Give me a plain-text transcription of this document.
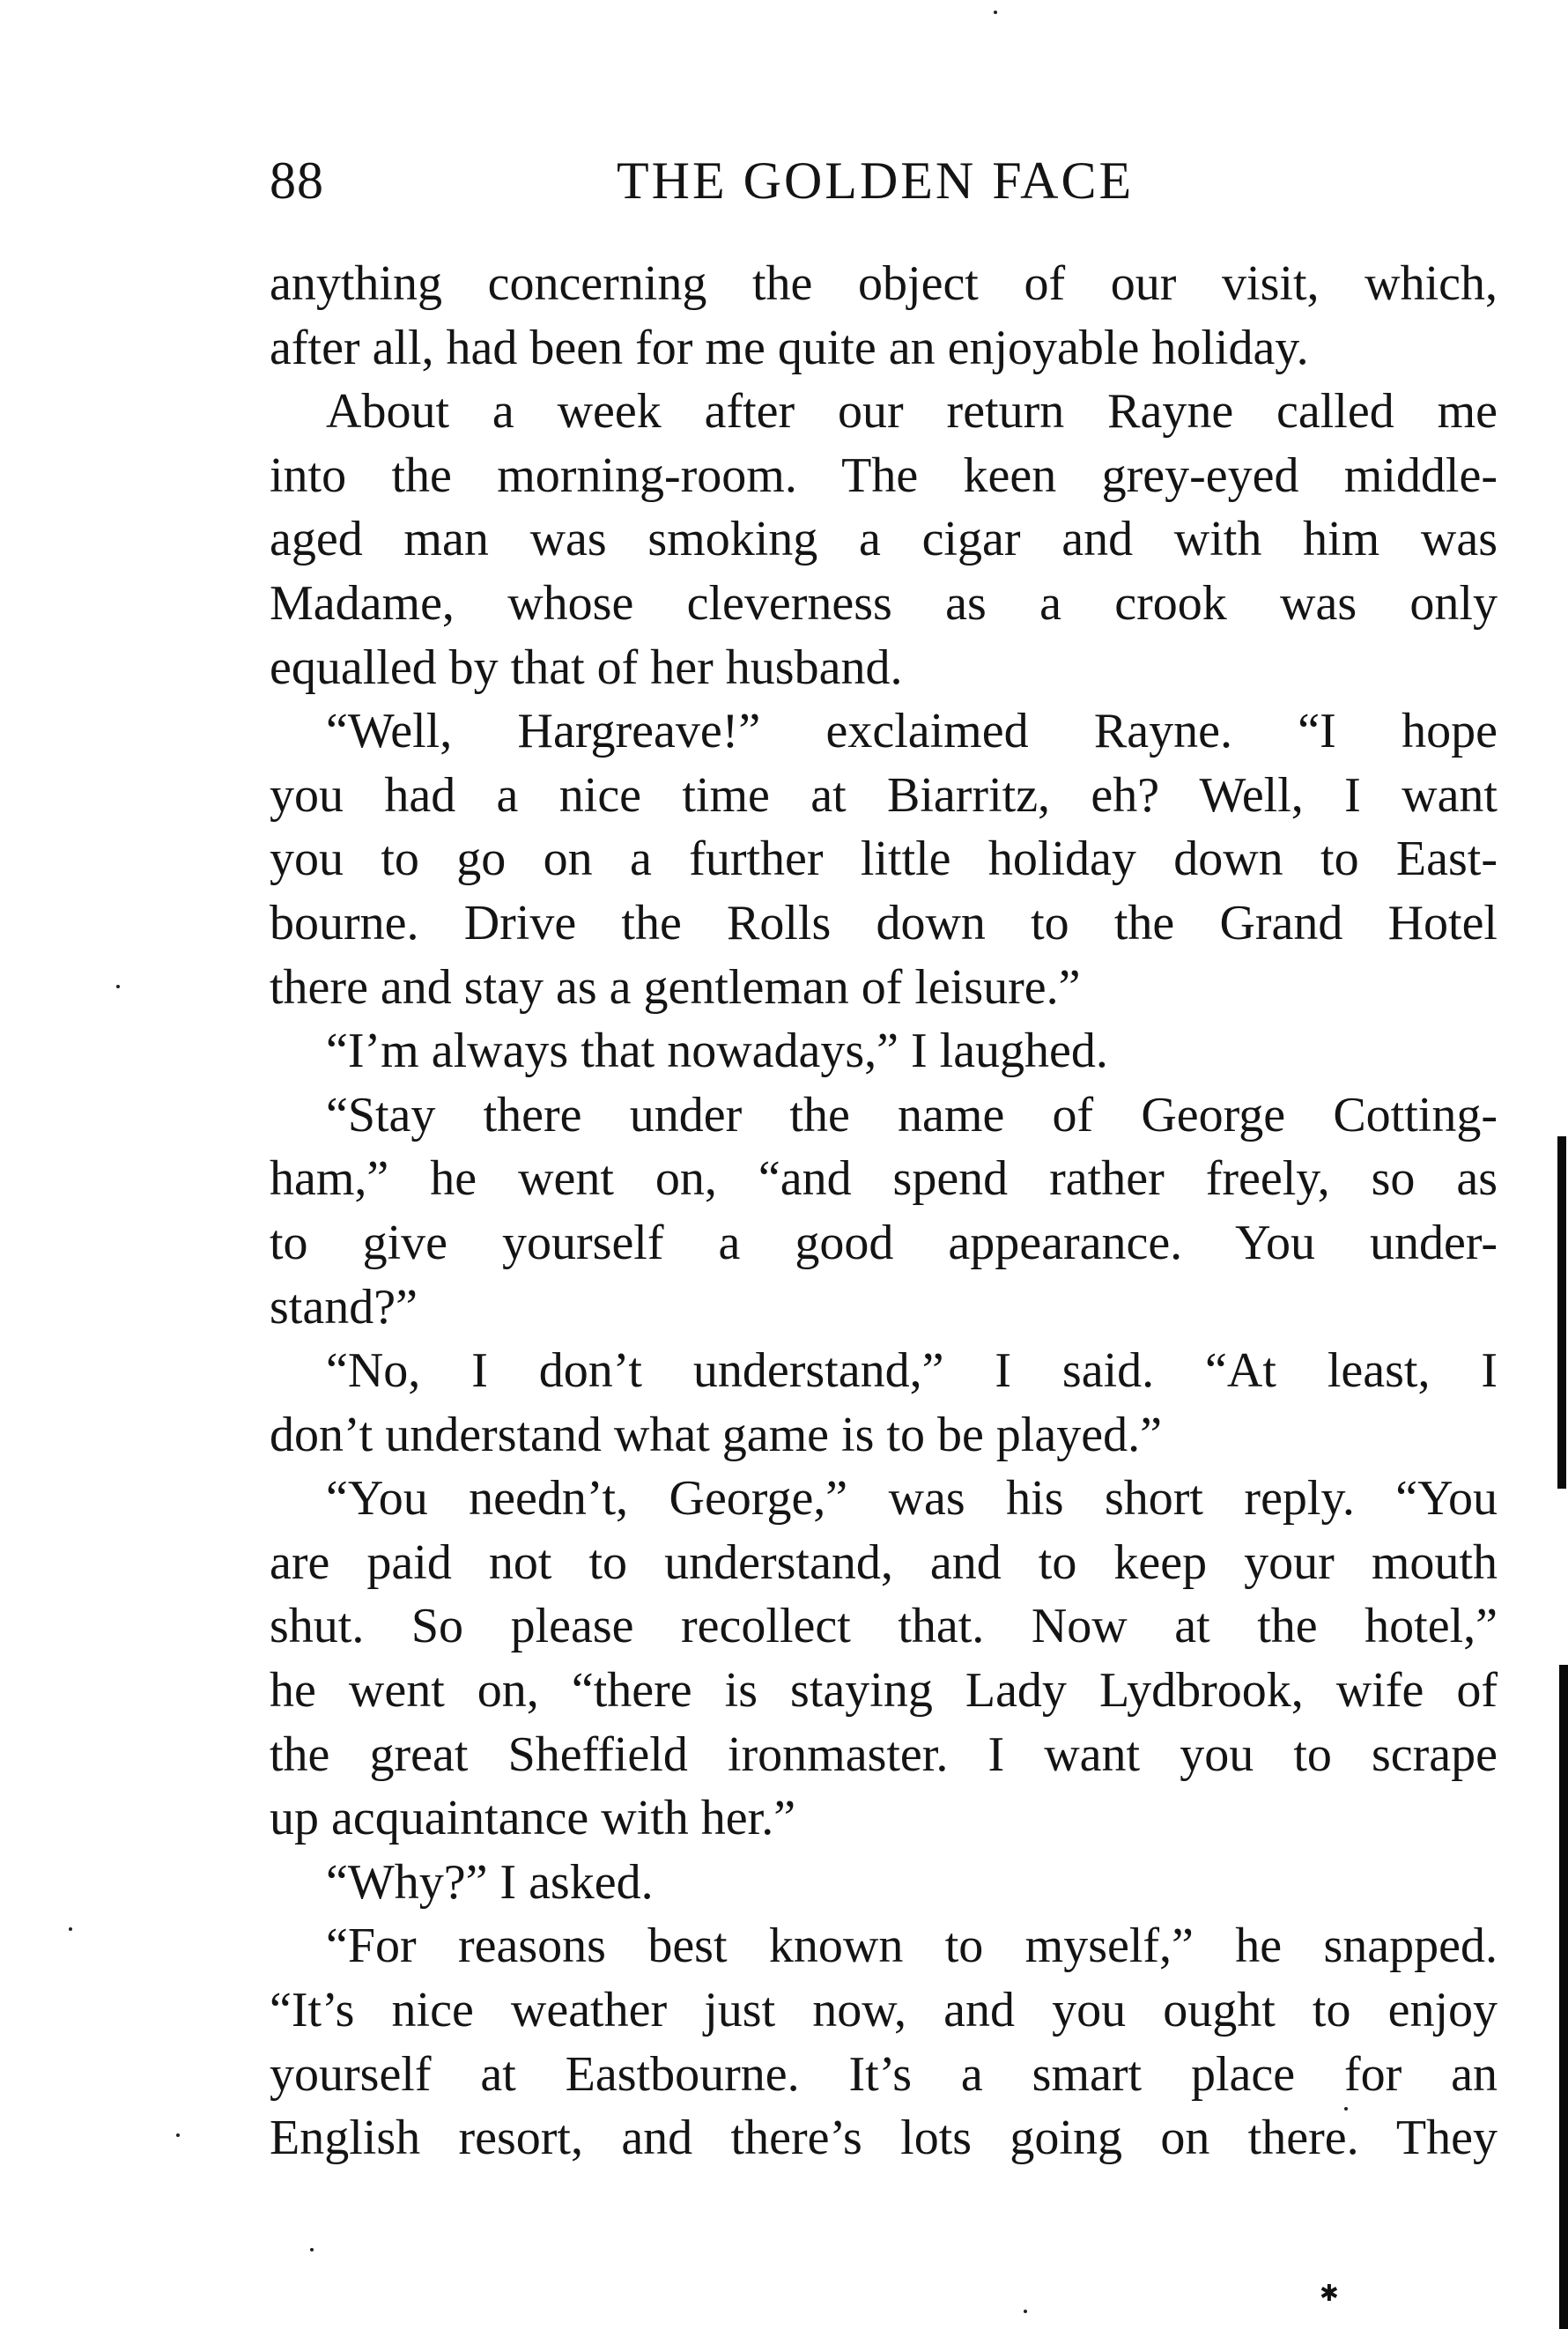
88	THE GOLDEN FACE
anything concerning the object of our visit, which,
after all, had been for me quite an enjoyable holiday.
About a week after our return Rayne called me
into the morning-room. The keen grey-eyed middle-
aged man was smoking a cigar and with him was
Madame, whose cleverness as a crook was only
equalled by that of her husband.
“Well, Hargreave!” exclaimed Rayne. “I hope
you had a nice time at Biarritz, eh? Well, I want
you to go on a further little holiday down to East-
bourne. Drive the Rolls down to the Grand Hotel
there and stay as a gentleman of leisure.”
“I’m always that nowadays,” I laughed.
“Stay there under the name of George Cotting-
ham,” he went on, “and spend rather freely, so as
to give yourself a good appearance. You under-
stand?”
“No, I don’t understand,” I said. “At least, I
don’t understand what game is to be played.”
“You needn’t, George,” was his short reply. “You
are paid not to understand, and to keep your mouth
shut. So please recollect that. Now at the hotel,”
he went on, “there is staying Lady Lydbrook, wife of
the great Sheffield ironmaster. I want you to scrape
up acquaintance with her.”
“Why?” I asked.
“For reasons best known to myself,” he snapped.
“It’s nice weather just now, and you ought to enjoy
yourself at Eastbourne. It’s a smart place for an
English resort, and there’s lots going on there. They
✱
